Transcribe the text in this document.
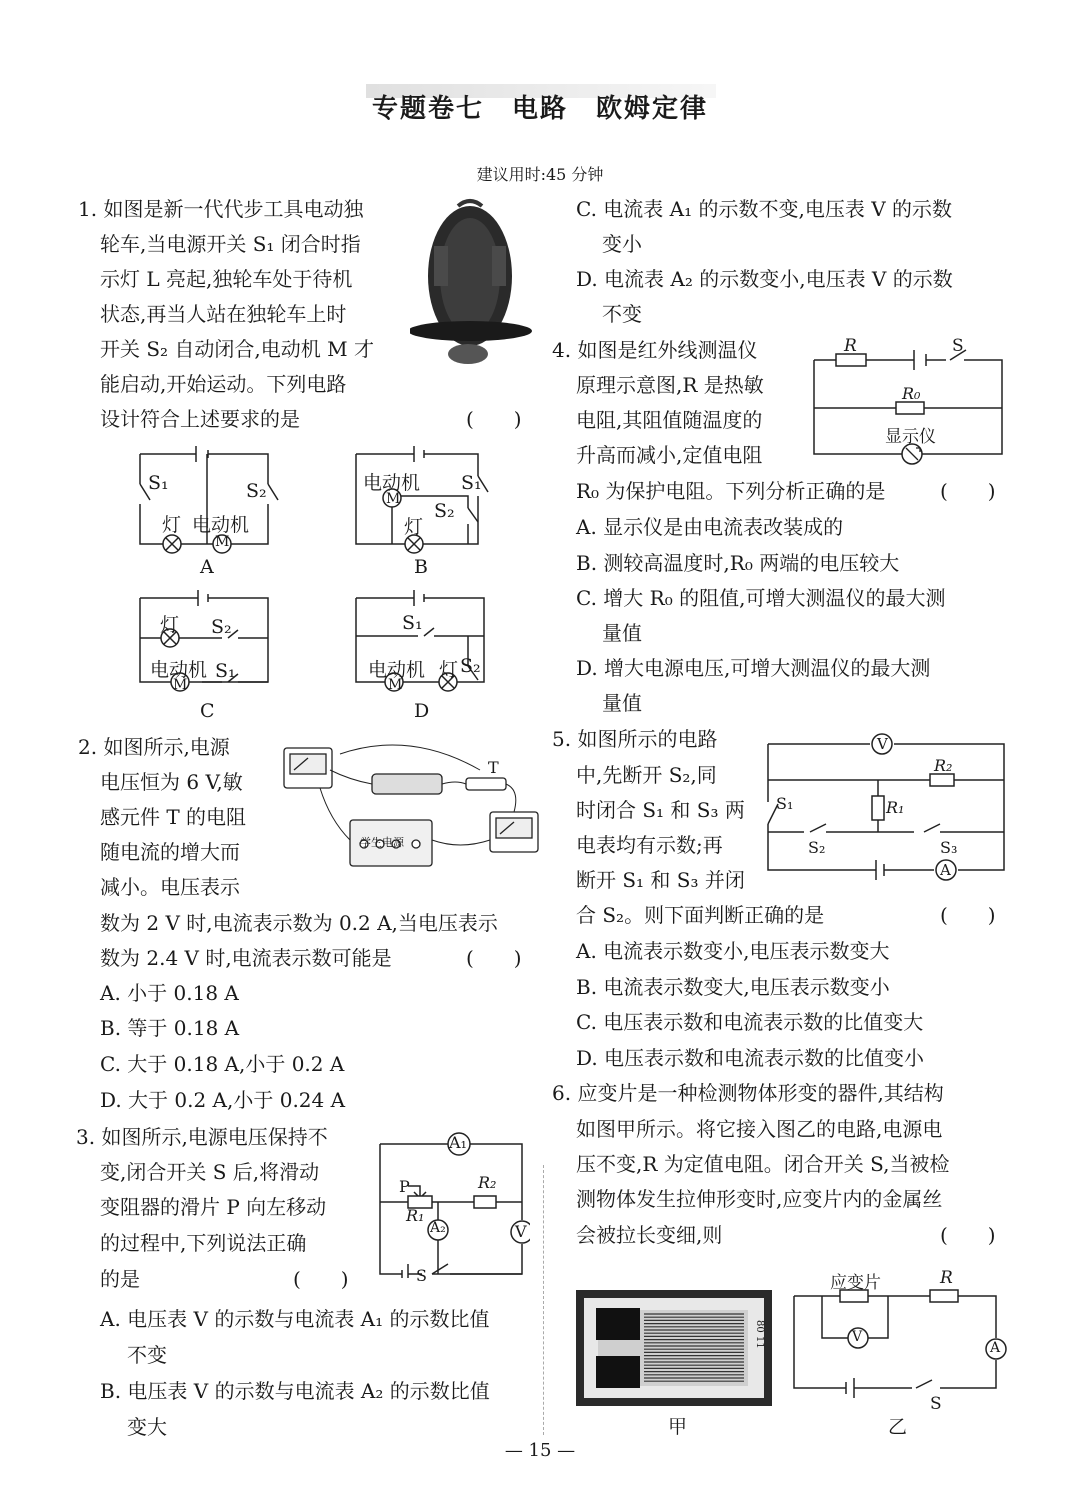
专题卷七　电路　欧姆定律
建议用时:45 分钟
1. 如图是新一代代步工具电动独
轮车,当电源开关 S₁ 闭合时指
示灯 L 亮起,独轮车处于待机
状态,再当人站在独轮车上时
开关 S₂ 自动闭合,电动机 M 才
能启动,开始运动。下列电路
设计符合上述要求的是	(　　)
S₁	S₂
灯 电动机
M
A
电动机
M
S₁
S₂
灯
B
灯 S₂
电动机 S₁
M
C
S₁
电动机 灯 S₂
M
D
2. 如图所示,电源
电压恒为 6 V,敏
感元件 T 的电阻
随电流的增大而
减小。电压表示
数为 2 V 时,电流表示数为 0.2 A,当电压表示
数为 2.4 V 时,电流表示数可能是	(　　)
A. 小于 0.18 A
B. 等于 0.18 A
C. 大于 0.18 A,小于 0.2 A
D. 大于 0.2 A,小于 0.24 A
T
学生电源
3. 如图所示,电源电压保持不
变,闭合开关 S 后,将滑动
变阻器的滑片 P 向左移动
的过程中,下列说法正确
的是	(　　)
A. 电压表 V 的示数与电流表 A₁ 的示数比值
不变
B. 电压表 V 的示数与电流表 A₂ 的示数比值
变大
C. 电流表 A₁ 的示数不变,电压表 V 的示数
变小
D. 电流表 A₂ 的示数变小,电压表 V 的示数
不变
A₁
A₂	V
P
R₁
R₂
S
4. 如图是红外线测温仪
原理示意图,R 是热敏
电阻,其阻值随温度的
升高而减小,定值电阻
R₀ 为保护电阻。下列分析正确的是	(　　)
A. 显示仪是由电流表改装成的
B. 测较高温度时,R₀ 两端的电压较大
C. 增大 R₀ 的阻值,可增大测温仪的最大测
量值
D. 增大电源电压,可增大测温仪的最大测
量值
R	S
R₀
显示仪
5. 如图所示的电路
中,先断开 S₂,同
时闭合 S₁ 和 S₃ 两
电表均有示数;再
断开 S₁ 和 S₃ 并闭
合 S₂。则下面判断正确的是	(　　)
A. 电流表示数变小,电压表示数变大
B. 电流表示数变大,电压表示数变小
C. 电压表示数和电流表示数的比值变大
D. 电压表示数和电流表示数的比值变小
V
A
R₂
R₁
S₁
S₂	S₃
6. 应变片是一种检测物体形变的器件,其结构
如图甲所示。将它接入图乙的电路,电源电
压不变,R 为定值电阻。闭合开关 S,当被检
测物体发生拉伸形变时,应变片内的金属丝
会被拉长变细,则	(　　)
80 11
甲
应变片	R
V
A
S
乙
— 15 —
